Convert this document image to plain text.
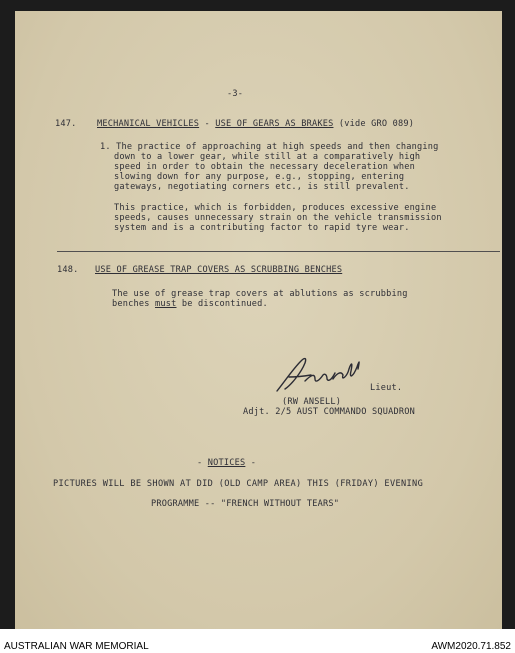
-3-
147. MECHANICAL VEHICLES - USE OF GEARS AS BRAKES (vide GRO 089)
1. The practice of approaching at high speeds and then changing
down to a lower gear, while still at a comparatively high
speed in order to obtain the necessary deceleration when
slowing down for any purpose, e.g., stopping, entering
gateways, negotiating corners etc., is still prevalent.
This practice, which is forbidden, produces excessive engine
speeds, causes unnecessary strain on the vehicle transmission
system and is a contributing factor to rapid tyre wear.
148. USE OF GREASE TRAP COVERS AS SCRUBBING BENCHES
The use of grease trap covers at ablutions as scrubbing
benches must be discontinued.
Lieut.
(RW ANSELL)
Adjt. 2/5 AUST COMMANDO SQUADRON
- NOTICES -
PICTURES WILL BE SHOWN AT DID (OLD CAMP AREA) THIS (FRIDAY) EVENING
PROGRAMME -- "FRENCH WITHOUT TEARS"
AUSTRALIAN WAR MEMORIAL	AWM2020.71.852
